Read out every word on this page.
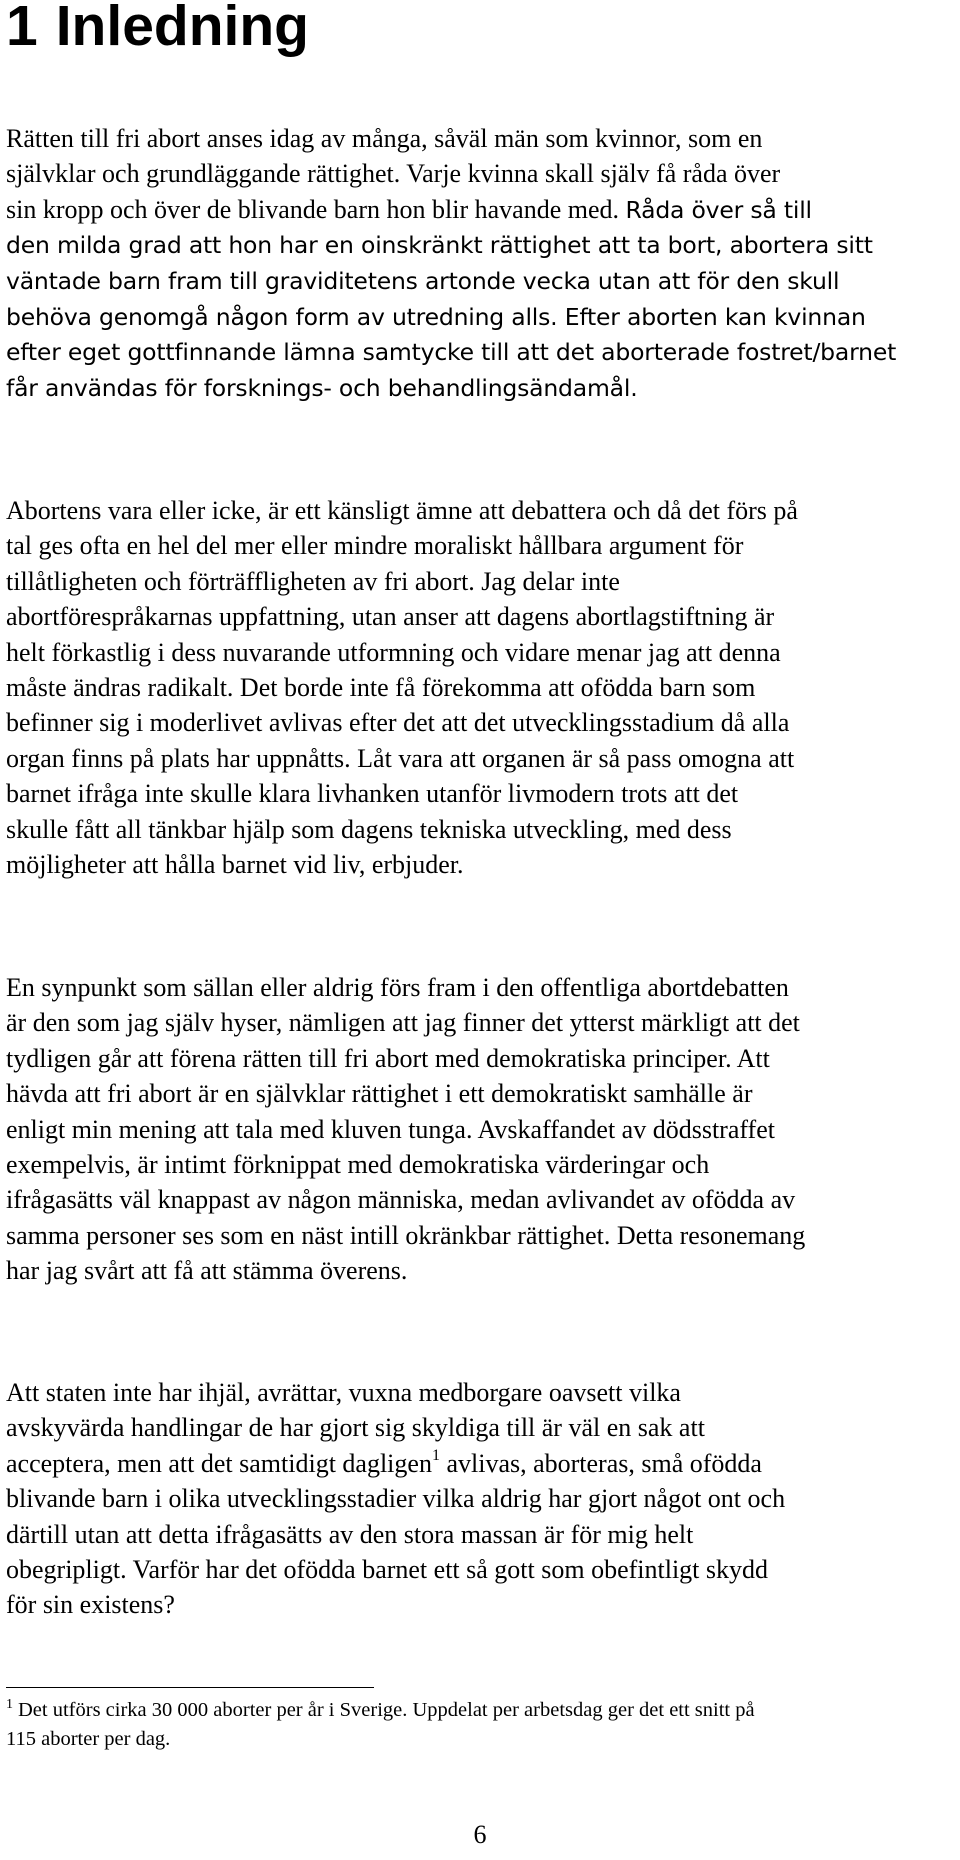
1 Inledning

Rätten till fri abort anses idag av många, såväl män som kvinnor, som en
självklar och grundläggande rättighet. Varje kvinna skall själv få råda över
sin kropp och över de blivande barn hon blir havande med. Råda över så till
den milda grad att hon har en oinskränkt rättighet att ta bort, abortera sitt
väntade barn fram till graviditetens artonde vecka utan att för den skull
behöva genomgå någon form av utredning alls. Efter aborten kan kvinnan
efter eget gottfinnande lämna samtycke till att det aborterade fostret/barnet
får användas för forsknings- och behandlingsändamål.

Abortens vara eller icke, är ett känsligt ämne att debattera och då det förs på
tal ges ofta en hel del mer eller mindre moraliskt hållbara argument för
tillåtligheten och förträffligheten av fri abort. Jag delar inte
abortförespråkarnas uppfattning, utan anser att dagens abortlagstiftning är
helt förkastlig i dess nuvarande utformning och vidare menar jag att denna
måste ändras radikalt. Det borde inte få förekomma att ofödda barn som
befinner sig i moderlivet avlivas efter det att det utvecklingsstadium då alla
organ finns på plats har uppnåtts. Låt vara att organen är så pass omogna att
barnet ifråga inte skulle klara livhanken utanför livmodern trots att det
skulle fått all tänkbar hjälp som dagens tekniska utveckling, med dess
möjligheter att hålla barnet vid liv, erbjuder.

En synpunkt som sällan eller aldrig förs fram i den offentliga abortdebatten
är den som jag själv hyser, nämligen att jag finner det ytterst märkligt att det
tydligen går att förena rätten till fri abort med demokratiska principer. Att
hävda att fri abort är en självklar rättighet i ett demokratiskt samhälle är
enligt min mening att tala med kluven tunga. Avskaffandet av dödsstraffet
exempelvis, är intimt förknippat med demokratiska värderingar och
ifrågasätts väl knappast av någon människa, medan avlivandet av ofödda av
samma personer ses som en näst intill okränkbar rättighet. Detta resonemang
har jag svårt att få att stämma överens.

Att staten inte har ihjäl, avrättar, vuxna medborgare oavsett vilka
avskyvärda handlingar de har gjort sig skyldiga till är väl en sak att
acceptera, men att det samtidigt dagligen$^1$ avlivas, aborteras, små ofödda
blivande barn i olika utvecklingsstadier vilka aldrig har gjort något ont och
därtill utan att detta ifrågasätts av den stora massan är för mig helt
obegripligt. Varför har det ofödda barnet ett så gott som obefintligt skydd
för sin existens?

$^1$ Det utförs cirka 30 000 aborter per år i Sverige. Uppdelat per arbetsdag ger det ett snitt på
115 aborter per dag.

6
